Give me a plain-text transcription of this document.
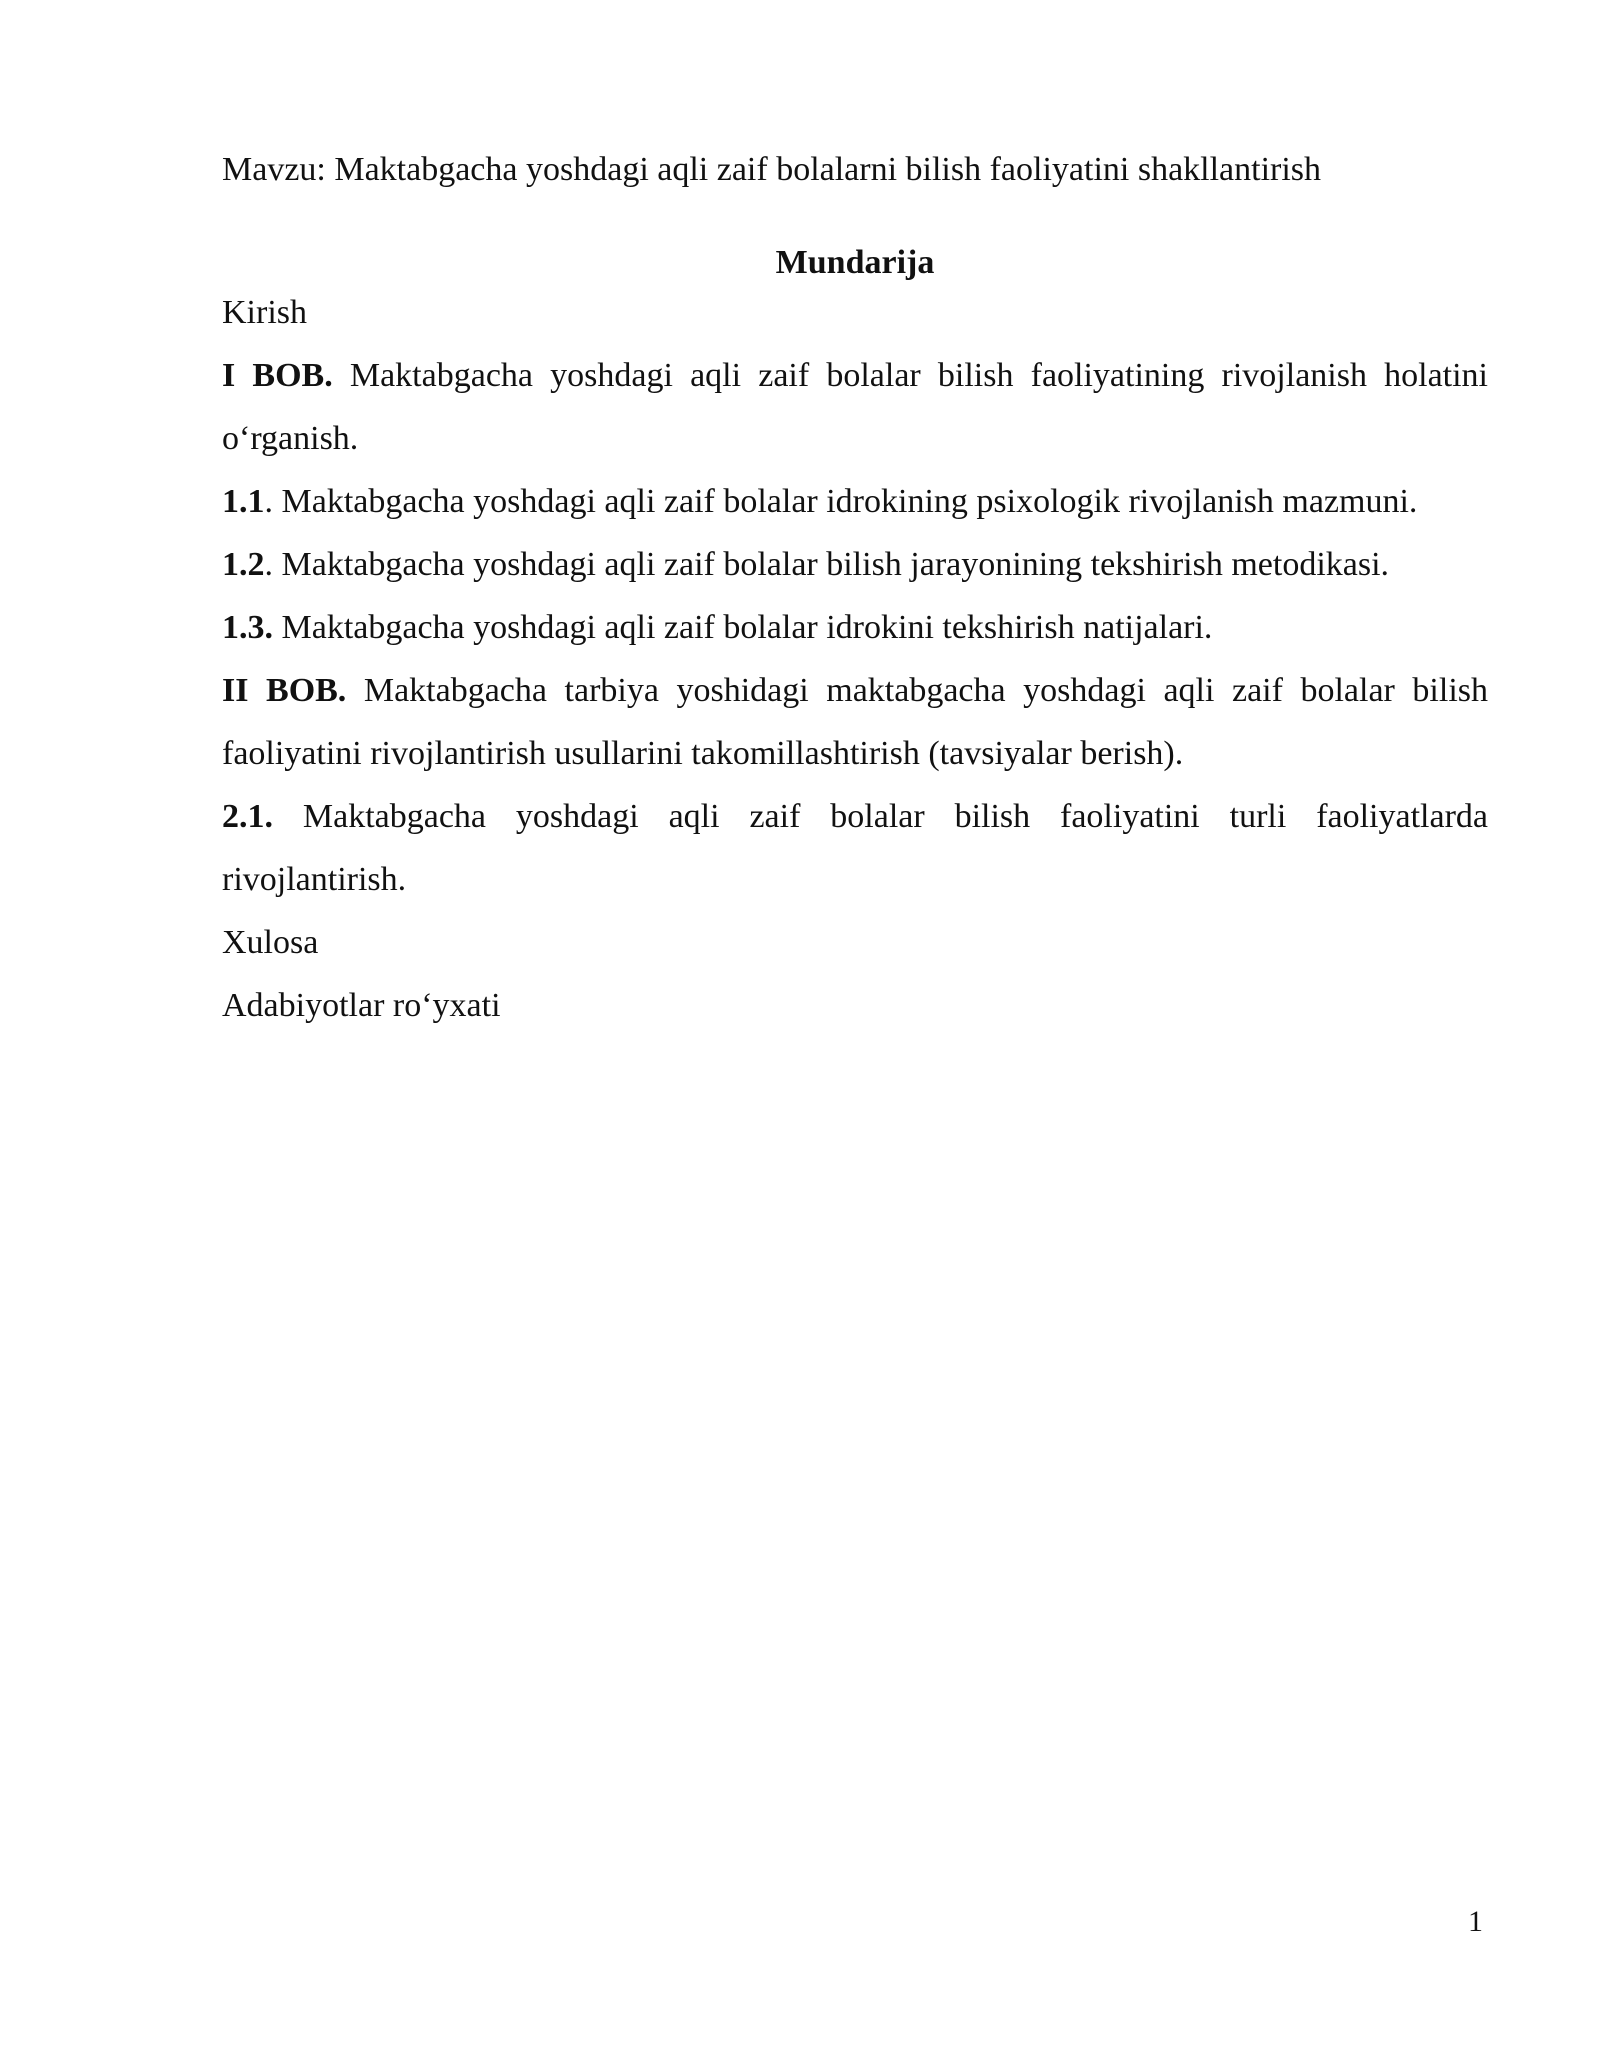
Mavzu: Maktabgacha yoshdagi aqli zaif bolalarni bilish faoliyatini shakllantirish
Mundarija

Kirish

I BOB. Maktabgacha yoshdagi aqli zaif bolalar bilish faoliyatining rivojlanish holatini o‘rganish.

1.1. Maktabgacha yoshdagi aqli zaif bolalar idrokining psixologik rivojlanish mazmuni.

1.2. Maktabgacha yoshdagi aqli zaif bolalar bilish jarayonining tekshirish metodikasi.

1.3. Maktabgacha yoshdagi aqli zaif bolalar idrokini tekshirish natijalari.

II BOB. Maktabgacha tarbiya yoshidagi maktabgacha yoshdagi aqli zaif bolalar bilish faoliyatini rivojlantirish usullarini takomillashtirish (tavsiyalar berish).

2.1. Maktabgacha yoshdagi aqli zaif bolalar bilish faoliyatini turli faoliyatlarda rivojlantirish.

Xulosa

Adabiyotlar ro‘yxati

1
